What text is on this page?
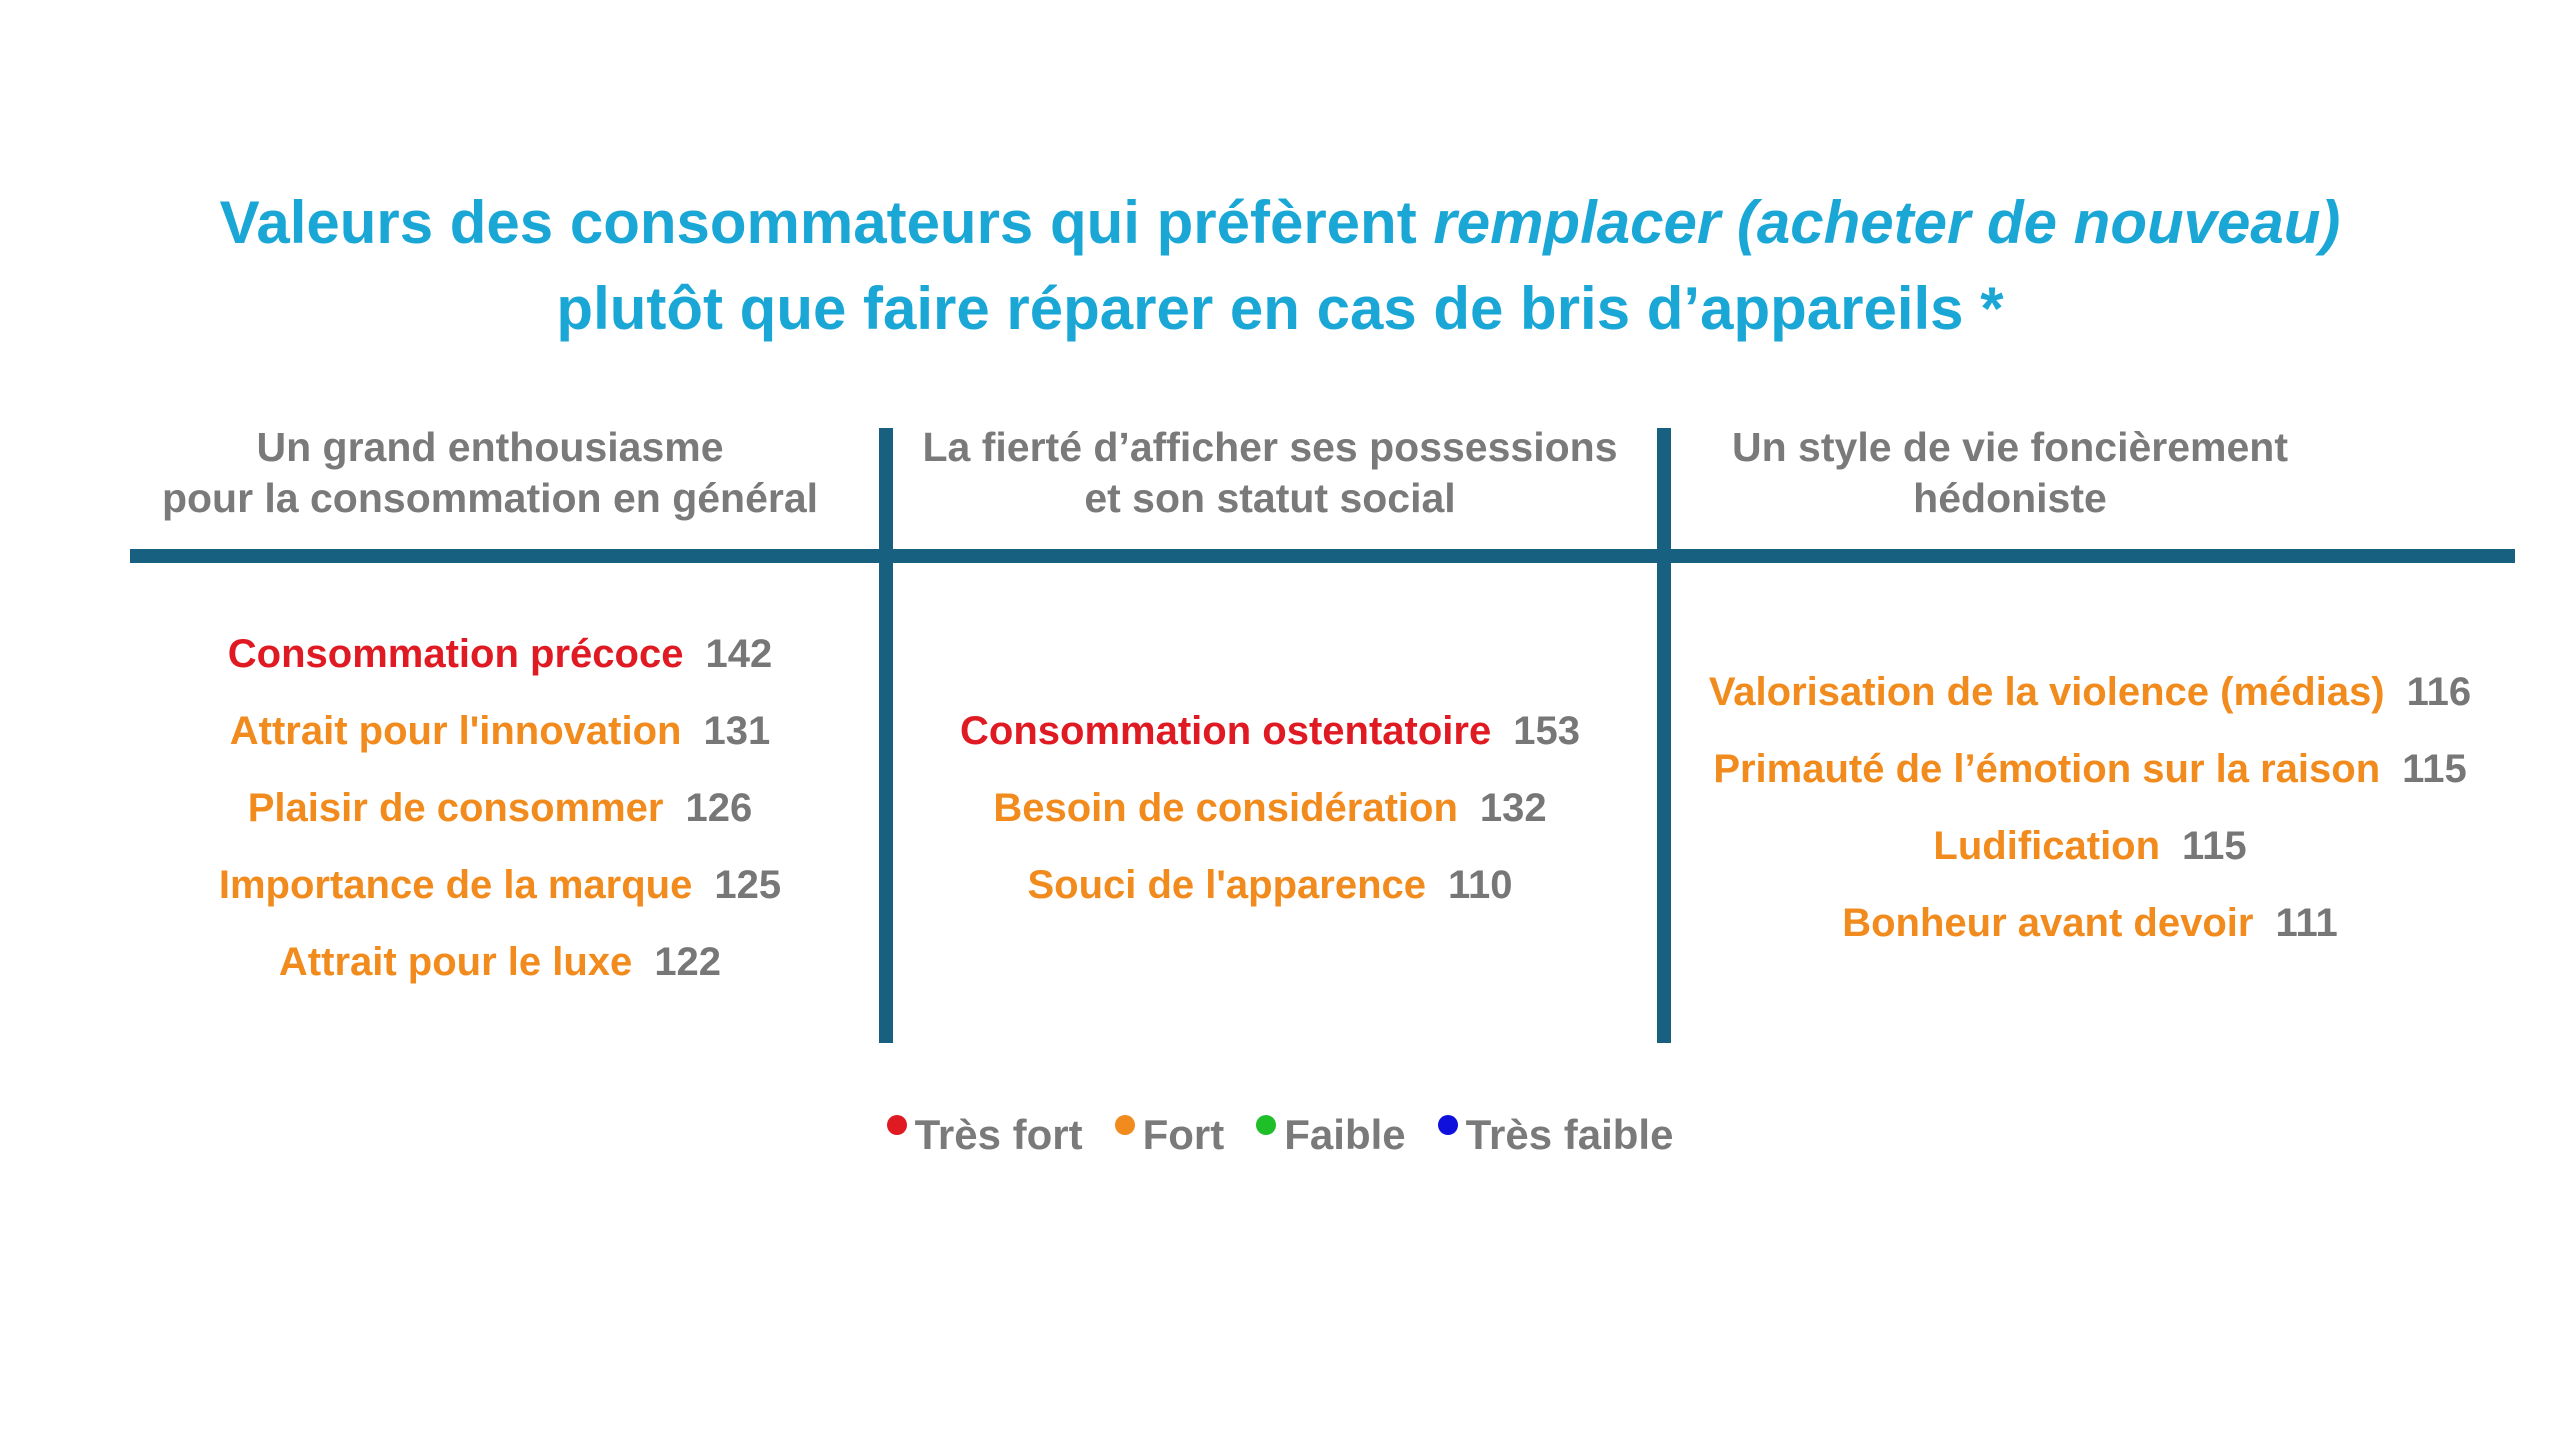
Valeurs des consommateurs qui préfèrent remplacer (acheter de nouveau)
plutôt que faire réparer en cas de bris d’appareils *
Un grand enthousiasme
pour la consommation en général
La fierté d’afficher ses possessions
et son statut social
Un style de vie foncièrement
hédoniste
Consommation précoce 142
Attrait pour l'innovation 131
Plaisir de consommer 126
Importance de la marque 125
Attrait pour le luxe 122
Consommation ostentatoire 153
Besoin de considération 132
Souci de l'apparence 110
Valorisation de la violence (médias) 116
Primauté de l’émotion sur la raison 115
Ludification 115
Bonheur avant devoir 111
Très fort Fort Faible Très faible
